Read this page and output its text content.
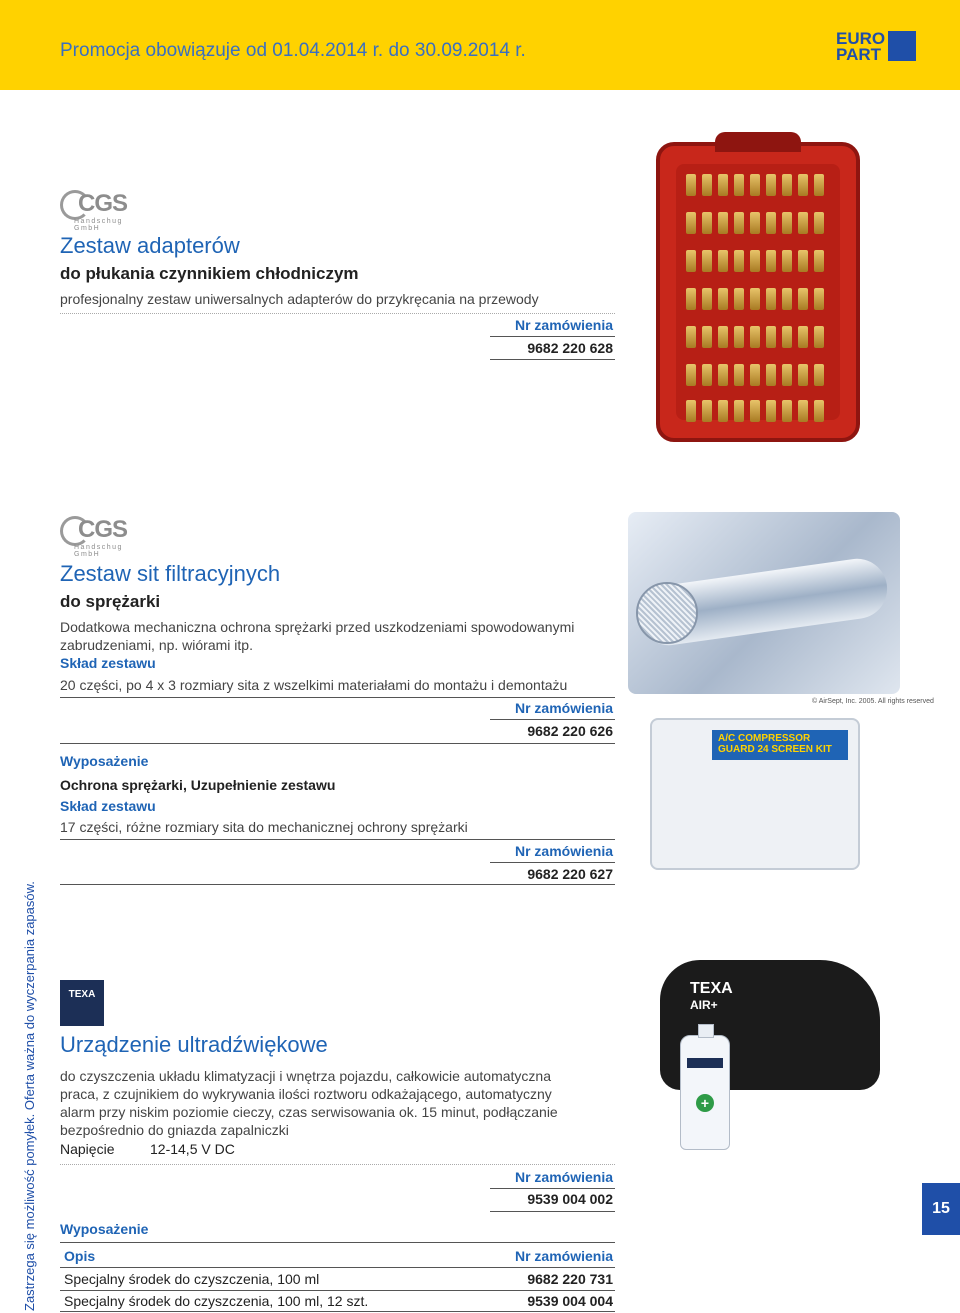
Promocja obowiązuje od 01.04.2014 r. do 30.09.2014 r.
EURO
PART
Zastrzega się możliwość pomyłek. Oferta ważna do wyczerpania zapasów.
CGS
Handschug GmbH
Zestaw adapterów
do płukania czynnikiem chłodniczym
profesjonalny zestaw uniwersalnych adapterów do przykręcania na przewody
Nr zamówienia
9682 220 628
CGS
Handschug GmbH
Zestaw sit filtracyjnych
do sprężarki
Dodatkowa mechaniczna ochrona sprężarki przed uszkodzeniami spowodowanymi zabrudzeniami, np. wiórami itp.
Skład zestawu
20 części, po 4 x 3 rozmiary sita z wszelkimi materiałami do montażu i demontażu
Nr zamówienia
9682 220 626
© AirSept, Inc. 2005. All rights reserved
Wyposażenie
Ochrona sprężarki, Uzupełnienie zestawu
Skład zestawu
17 części, różne rozmiary sita do mechanicznej ochrony sprężarki
Nr zamówienia
9682 220 627
A/C COMPRESSOR GUARD 24 SCREEN KIT
TEXA
Urządzenie ultradźwiękowe
do czyszczenia układu klimatyzacji i wnętrza pojazdu, całkowicie automatyczna praca, z czujnikiem do wykrywania ilości roztworu odkażającego, automatyczny alarm przy niskim poziomie cieczy, czas serwisowania ok. 15 minut, podłączanie bezpośrednio do gniazda zapalniczki
Napięcie	12-14,5 V DC
Nr zamówienia
9539 004 002
TEXA
AIR+
+
Wyposażenie
Opis	Nr zamówienia
Specjalny środek do czyszczenia, 100 ml	9682 220 731
Specjalny środek do czyszczenia, 100 ml, 12 szt.	9539 004 004
15
